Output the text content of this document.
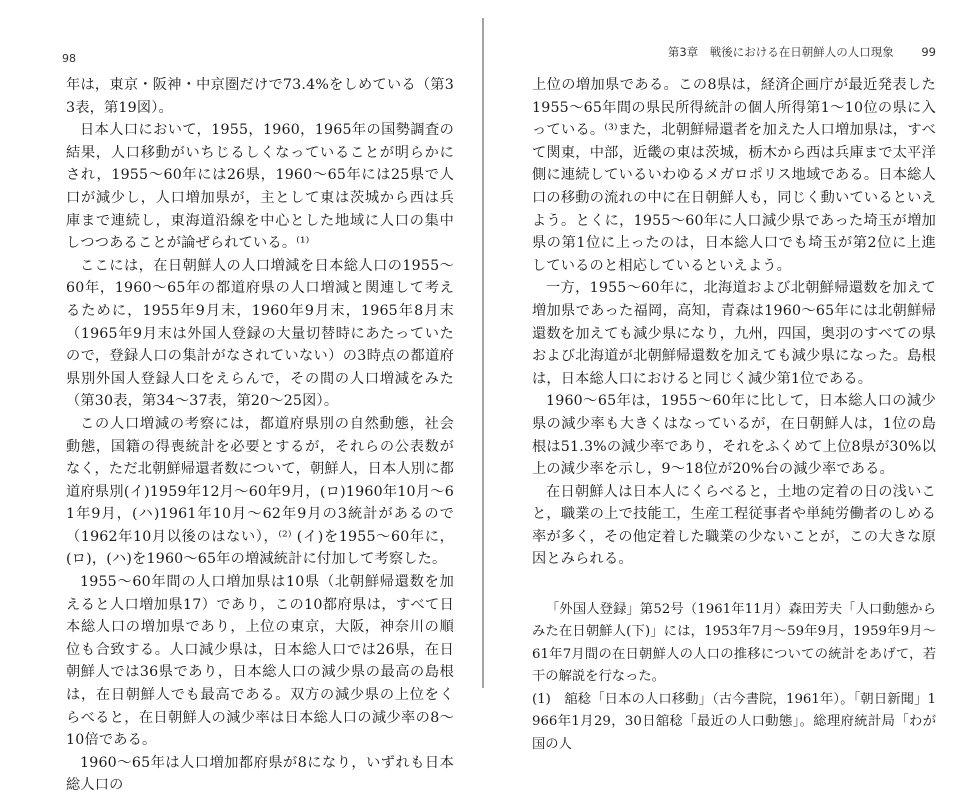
98

年は，東京・阪神・中京圏だけで73.4%をしめている（第33表，第19図）。

日本人口において，1955，1960，1965年の国勢調査の結果，人口移動がいちじるしくなっていることが明らかにされ，1955〜60年には26県，1960〜65年には25県で人口が減少し，人口増加県が，主として東は茨城から西は兵庫まで連続し，東海道沿線を中心とした地域に人口の集中しつつあることが論ぜられている。⁽¹⁾

ここには，在日朝鮮人の人口増減を日本総人口の1955〜60年，1960〜65年の都道府県の人口増減と関連して考えるために，1955年9月末，1960年9月末，1965年8月末（1965年9月末は外国人登録の大量切替時にあたっていたので，登録人口の集計がなされていない）の3時点の都道府県別外国人登録人口をえらんで，その間の人口増減をみた（第30表，第34〜37表，第20〜25図）。

この人口増減の考察には，都道府県別の自然動態，社会動態，国籍の得喪統計を必要とするが，それらの公表数がなく，ただ北朝鮮帰還者数について，朝鮮人，日本人別に都道府県別(イ)1959年12月〜60年9月，(ロ)1960年10月〜61年9月，(ハ)1961年10月〜62年9月の3統計があるので（1962年10月以後のはない），⁽²⁾ (イ)を1955〜60年に，(ロ)，(ハ)を1960〜65年の増減統計に付加して考察した。

1955〜60年間の人口増加県は10県（北朝鮮帰還数を加えると人口増加県17）であり，この10都府県は，すべて日本総人口の増加県であり，上位の東京，大阪，神奈川の順位も合致する。人口減少県は，日本総人口では26県，在日朝鮮人では36県であり，日本総人口の減少県の最高の島根は，在日朝鮮人でも最高である。双方の減少県の上位をくらべると，在日朝鮮人の減少率は日本総人口の減少率の8〜10倍である。

1960〜65年は人口増加都府県が8になり，いずれも日本総人口の

第3章　戦後における在日朝鮮人の人口現象 99

上位の増加県である。この8県は，経済企画庁が最近発表した1955〜65年間の県民所得統計の個人所得第1〜10位の県に入っている。⁽³⁾また，北朝鮮帰還者を加えた人口増加県は，すべて関東，中部，近畿の東は茨城，栃木から西は兵庫まで太平洋側に連続しているいわゆるメガロポリス地域である。日本総人口の移動の流れの中に在日朝鮮人も，同じく動いているといえよう。とくに，1955〜60年に人口減少県であった埼玉が増加県の第1位に上ったのは，日本総人口でも埼玉が第2位に上進しているのと相応しているといえよう。

一方，1955〜60年に，北海道および北朝鮮帰還数を加えて増加県であった福岡，高知，青森は1960〜65年には北朝鮮帰還数を加えても減少県になり，九州，四国，奥羽のすべての県および北海道が北朝鮮帰還数を加えても減少県になった。島根は，日本総人口におけると同じく減少第1位である。

1960〜65年は，1955〜60年に比して，日本総人口の減少県の減少率も大きくはなっているが，在日朝鮮人は，1位の島根は51.3%の減少率であり，それをふくめて上位8県が30%以上の減少率を示し，9〜18位が20%台の減少率である。

在日朝鮮人は日本人にくらべると，土地の定着の日の浅いこと，職業の上で技能工，生産工程従事者や単純労働者のしめる率が多く，その他定着した職業の少ないことが，この大きな原因とみられる。

「外国人登録」第52号（1961年11月）森田芳夫「人口動態からみた在日朝鮮人(下)」には，1953年7月〜59年9月，1959年9月〜61年7月間の在日朝鮮人の人口の推移についての統計をあげて，若干の解説を行なった。

(1)　舘稔「日本の人口移動」（古今書院，1961年）。「朝日新聞」1966年1月29，30日舘稔「最近の人口動態」。総理府統計局「わが国の人
